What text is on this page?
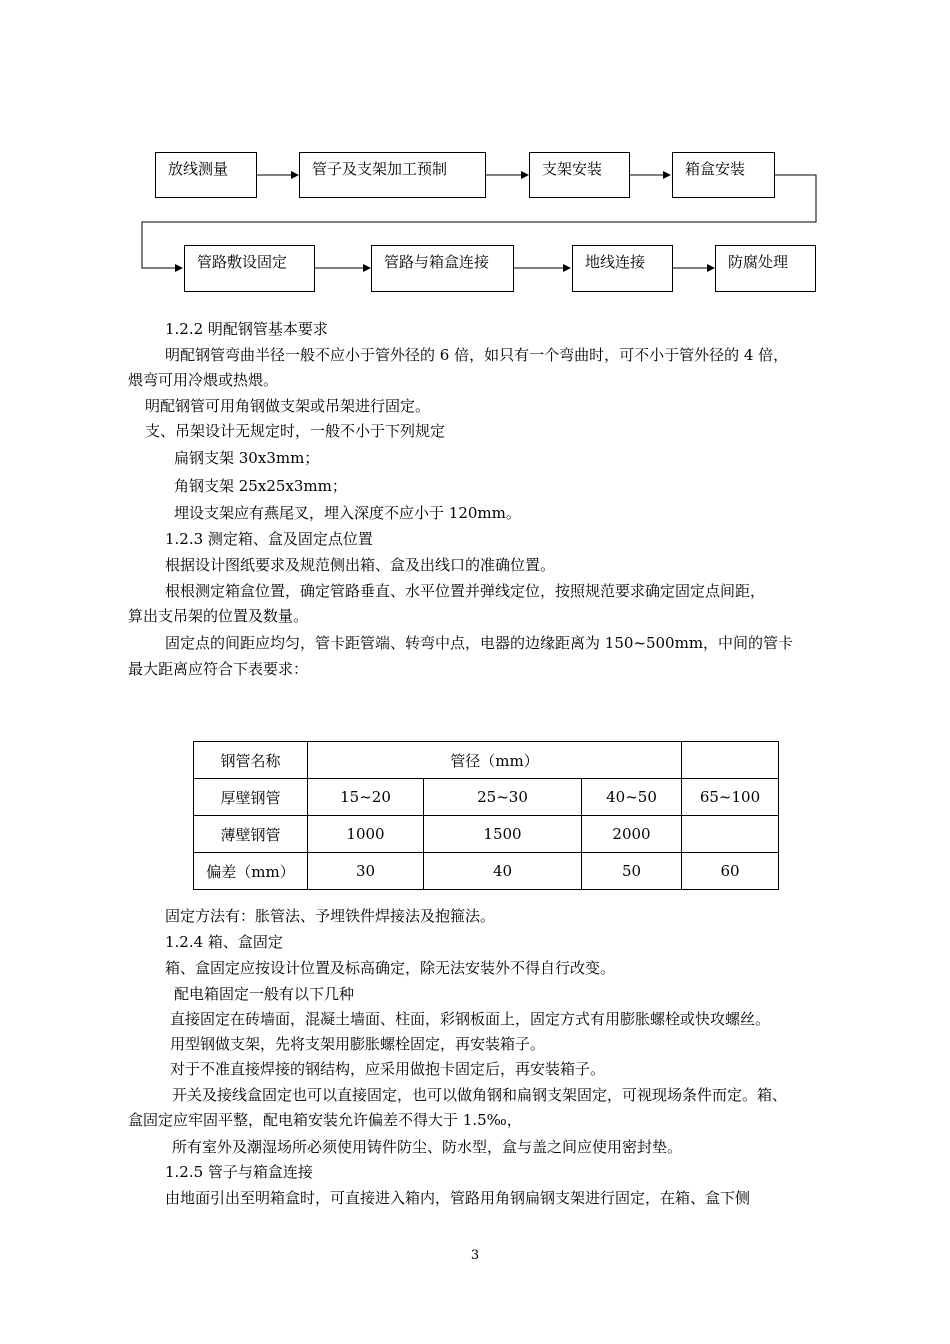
放线测量	管子及支架加工预制	支架安装	箱盒安装
管路敷设固定	管路与箱盒连接	地线连接	防腐处理
1.2.2 明配钢管基本要求
明配钢管弯曲半径一般不应小于管外径的 6 倍，如只有一个弯曲时，可不小于管外径的 4 倍，
煨弯可用冷煨或热煨。
明配钢管可用角钢做支架或吊架进行固定。
支、吊架设计无规定时，一般不小于下列规定
扁钢支架 30x3mm；
角钢支架 25x25x3mm；
埋设支架应有燕尾叉，埋入深度不应小于 120mm。
1.2.3 测定箱、盒及固定点位置
根据设计图纸要求及规范侧出箱、盒及出线口的准确位置。
根根测定箱盒位置，确定管路垂直、水平位置并弹线定位，按照规范要求确定固定点间距，
算出支吊架的位置及数量。
固定点的间距应均匀，管卡距管端、转弯中点，电器的边缘距离为 150~500mm，中间的管卡
最大距离应符合下表要求：
钢管名称	管径（mm）			
厚壁钢管	15~20	25~30	40~50	65~100
薄壁钢管	1000	1500	2000	
偏差（mm）	30	40	50	60
固定方法有：胀管法、予埋铁件焊接法及抱箍法。
1.2.4 箱、盒固定
箱、盒固定应按设计位置及标高确定，除无法安装外不得自行改变。
配电箱固定一般有以下几种
直接固定在砖墙面，混凝土墙面、柱面，彩钢板面上，固定方式有用膨胀螺栓或快攻螺丝。
用型钢做支架，先将支架用膨胀螺栓固定，再安装箱子。
对于不准直接焊接的钢结构，应采用做抱卡固定后，再安装箱子。
开关及接线盒固定也可以直接固定，也可以做角钢和扁钢支架固定，可视现场条件而定。箱、
盒固定应牢固平整，配电箱安装允许偏差不得大于 1.5‰，
所有室外及潮湿场所必须使用铸件防尘、防水型，盒与盖之间应使用密封垫。
1.2.5 管子与箱盒连接
由地面引出至明箱盒时，可直接进入箱内，管路用角钢扁钢支架进行固定，在箱、盒下侧
3
